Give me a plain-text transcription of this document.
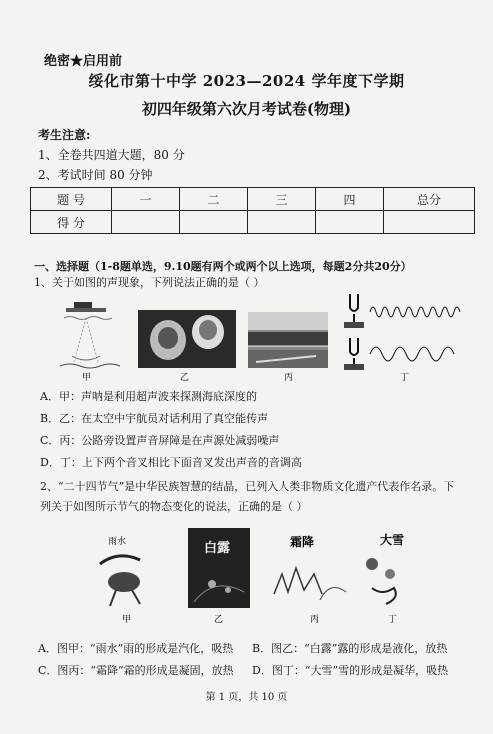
绝密★启用前
绥化市第十中学 2023—2024 学年度下学期
初四年级第六次月考试卷(物理)
考生注意:
1、全卷共四道大题，80 分
2、考试时间 80 分钟
题 号	一	二	三	四	总分
得 分					
一、选择题（1-8题单选，9.10题有两个或两个以上选项，每题2分共20分）
1、关于如图的声现象，下列说法正确的是（ ）
甲	乙	丙	丁
A．甲：声呐是利用超声波来探测海底深度的
B．乙：在太空中宇航员对话利用了真空能传声
C．丙：公路旁设置声音屏障是在声源处减弱噪声
D．丁：上下两个音叉相比下面音叉发出声音的音调高
2、“二十四节气”是中华民族智慧的结晶，已列入人类非物质文化遗产代表作名录。下
列关于如图所示节气的物态变化的说法，正确的是（ ）
雨水
甲
白露
乙
霜降
丙
大雪
丁
A．图甲：“雨水”雨的形成是汽化，吸热 B．图乙：“白露”露的形成是液化，放热
C．图丙：“霜降”霜的形成是凝固，放热 D．图丁：“大雪”雪的形成是凝华，吸热
第 1 页，共 10 页
